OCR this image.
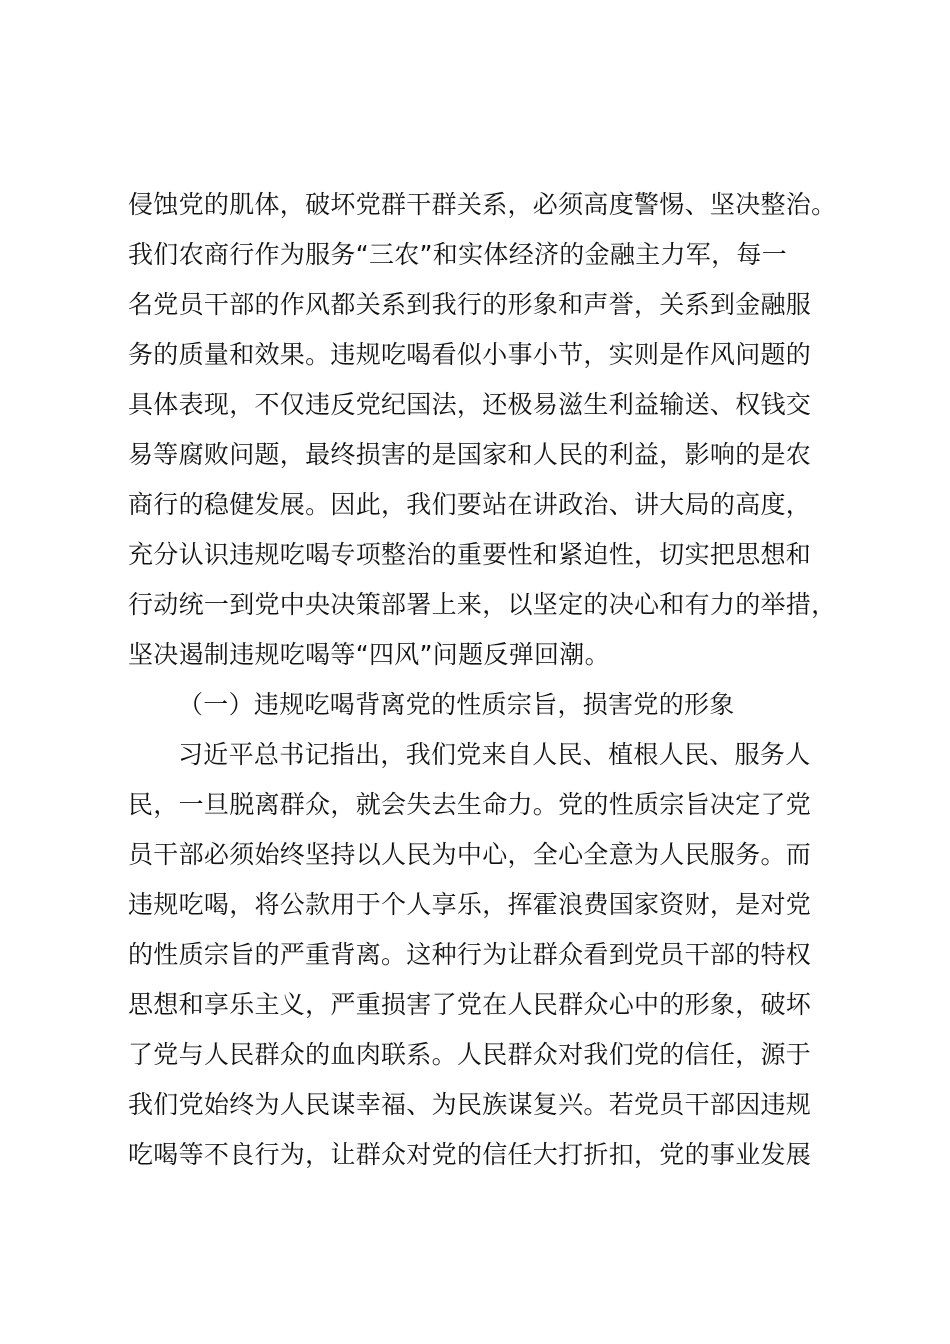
侵蚀党的肌体，破坏党群干群关系，必须高度警惕、坚决整治。
我们农商行作为服务“三农”和实体经济的金融主力军，每一
名党员干部的作风都关系到我行的形象和声誉，关系到金融服
务的质量和效果。违规吃喝看似小事小节，实则是作风问题的
具体表现，不仅违反党纪国法，还极易滋生利益输送、权钱交
易等腐败问题，最终损害的是国家和人民的利益，影响的是农
商行的稳健发展。因此，我们要站在讲政治、讲大局的高度，
充分认识违规吃喝专项整治的重要性和紧迫性，切实把思想和
行动统一到党中央决策部署上来，以坚定的决心和有力的举措，
坚决遏制违规吃喝等“四风”问题反弹回潮。
（一）违规吃喝背离党的性质宗旨，损害党的形象
习近平总书记指出，我们党来自人民、植根人民、服务人
民，一旦脱离群众，就会失去生命力。党的性质宗旨决定了党
员干部必须始终坚持以人民为中心，全心全意为人民服务。而
违规吃喝，将公款用于个人享乐，挥霍浪费国家资财，是对党
的性质宗旨的严重背离。这种行为让群众看到党员干部的特权
思想和享乐主义，严重损害了党在人民群众心中的形象，破坏
了党与人民群众的血肉联系。人民群众对我们党的信任，源于
我们党始终为人民谋幸福、为民族谋复兴。若党员干部因违规
吃喝等不良行为，让群众对党的信任大打折扣，党的事业发展
